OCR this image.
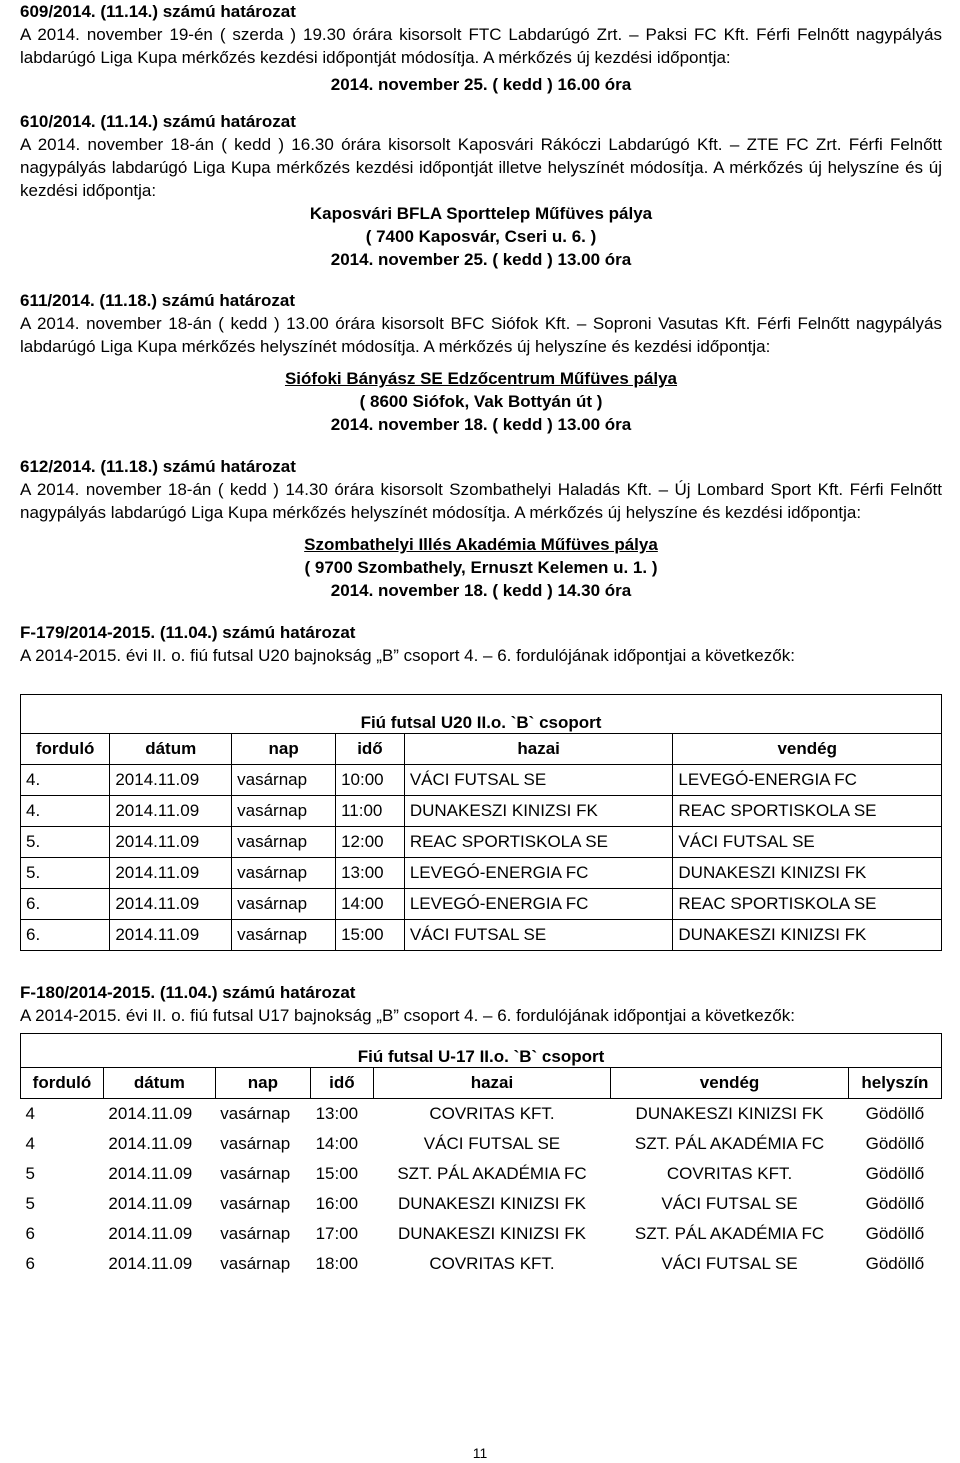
609/2014. (11.14.) számú határozat
A 2014. november 19-én ( szerda ) 19.30 órára kisorsolt FTC Labdarúgó Zrt. – Paksi FC Kft. Férfi Felnőtt nagypályás labdarúgó Liga Kupa mérkőzés kezdési időpontját módosítja. A mérkőzés új kezdési időpontja:
2014. november 25. ( kedd ) 16.00 óra
610/2014. (11.14.) számú határozat
A 2014. november 18-án ( kedd ) 16.30 órára kisorsolt Kaposvári Rákóczi Labdarúgó Kft. – ZTE FC Zrt. Férfi Felnőtt nagypályás labdarúgó Liga Kupa mérkőzés kezdési időpontját illetve helyszínét módosítja. A mérkőzés új helyszíne és új kezdési időpontja:
Kaposvári BFLA Sporttelep Műfüves pálya
( 7400 Kaposvár, Cseri u. 6. )
2014. november 25. ( kedd ) 13.00 óra
611/2014. (11.18.) számú határozat
A 2014. november 18-án ( kedd ) 13.00 órára kisorsolt BFC Siófok Kft. – Soproni Vasutas Kft. Férfi Felnőtt nagypályás labdarúgó Liga Kupa mérkőzés helyszínét módosítja. A mérkőzés új helyszíne és kezdési időpontja:
Siófoki Bányász SE Edzőcentrum Műfüves pálya
( 8600 Siófok, Vak Bottyán út )
2014. november 18. ( kedd ) 13.00 óra
612/2014. (11.18.) számú határozat
A 2014. november 18-án ( kedd ) 14.30 órára kisorsolt Szombathelyi Haladás Kft. – Új Lombard Sport Kft. Férfi Felnőtt nagypályás labdarúgó Liga Kupa mérkőzés helyszínét módosítja. A mérkőzés új helyszíne és kezdési időpontja:
Szombathelyi Illés Akadémia Műfüves pálya
( 9700 Szombathely, Ernuszt Kelemen u. 1. )
2014. november 18. ( kedd ) 14.30 óra
F-179/2014-2015. (11.04.) számú határozat
A 2014-2015. évi II. o. fiú futsal U20 bajnokság „B” csoport 4. – 6. fordulójának időpontjai a következők:
Fiú futsal U20 II.o. `B` csoport					
forduló	dátum	nap	idő	hazai	vendég
4.	2014.11.09	vasárnap	10:00	VÁCI FUTSAL SE	LEVEGÓ-ENERGIA FC
4.	2014.11.09	vasárnap	11:00	DUNAKESZI KINIZSI FK	REAC SPORTISKOLA SE
5.	2014.11.09	vasárnap	12:00	REAC SPORTISKOLA SE	VÁCI FUTSAL SE
5.	2014.11.09	vasárnap	13:00	LEVEGÓ-ENERGIA FC	DUNAKESZI KINIZSI FK
6.	2014.11.09	vasárnap	14:00	LEVEGÓ-ENERGIA FC	REAC SPORTISKOLA SE
6.	2014.11.09	vasárnap	15:00	VÁCI FUTSAL SE	DUNAKESZI KINIZSI FK
F-180/2014-2015. (11.04.) számú határozat
A 2014-2015. évi II. o. fiú futsal U17 bajnokság „B” csoport 4. – 6. fordulójának időpontjai a következők:
Fiú futsal U-17 II.o. `B` csoport						
forduló	dátum	nap	idő	hazai	vendég	helyszín
4	2014.11.09	vasárnap	13:00	COVRITAS KFT.	DUNAKESZI KINIZSI FK	Gödöllő
4	2014.11.09	vasárnap	14:00	VÁCI FUTSAL SE	SZT. PÁL AKADÉMIA FC	Gödöllő
5	2014.11.09	vasárnap	15:00	SZT. PÁL AKADÉMIA FC	COVRITAS KFT.	Gödöllő
5	2014.11.09	vasárnap	16:00	DUNAKESZI KINIZSI FK	VÁCI FUTSAL SE	Gödöllő
6	2014.11.09	vasárnap	17:00	DUNAKESZI KINIZSI FK	SZT. PÁL AKADÉMIA FC	Gödöllő
6	2014.11.09	vasárnap	18:00	COVRITAS KFT.	VÁCI FUTSAL SE	Gödöllő
11
